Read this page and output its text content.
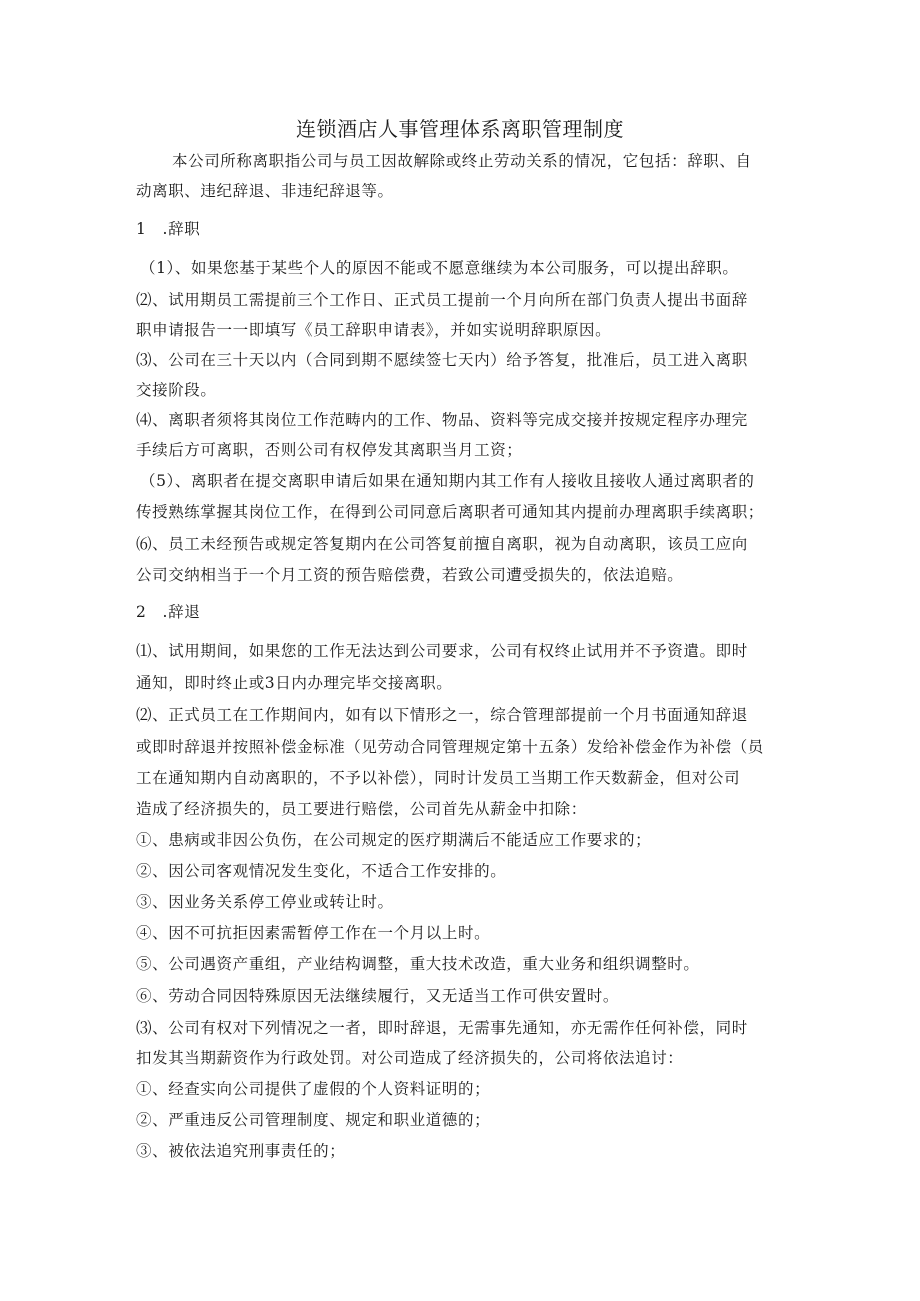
连锁酒店人事管理体系离职管理制度
本公司所称离职指公司与员工因故解除或终止劳动关系的情况，它包括：辞职、自
动离职、违纪辞退、非违纪辞退等。
1　.辞职
（1）、如果您基于某些个人的原因不能或不愿意继续为本公司服务，可以提出辞职。
⑵、试用期员工需提前三个工作日、正式员工提前一个月向所在部门负责人提出书面辞
职申请报告一一即填写《员工辞职申请表》，并如实说明辞职原因。
⑶、公司在三十天以内（合同到期不愿续签七天内）给予答复，批准后，员工进入离职
交接阶段。
⑷、离职者须将其岗位工作范畴内的工作、物品、资料等完成交接并按规定程序办理完
手续后方可离职，否则公司有权停发其离职当月工资；
（5）、离职者在提交离职申请后如果在通知期内其工作有人接收且接收人通过离职者的
传授熟练掌握其岗位工作，在得到公司同意后离职者可通知其内提前办理离职手续离职；
⑹、员工未经预告或规定答复期内在公司答复前擅自离职，视为自动离职，该员工应向
公司交纳相当于一个月工资的预告赔偿费，若致公司遭受损失的，依法追赔。
2　.辞退
⑴、试用期间，如果您的工作无法达到公司要求，公司有权终止试用并不予资遣。即时
通知，即时终止或3日内办理完毕交接离职。
⑵、正式员工在工作期间内，如有以下情形之一，综合管理部提前一个月书面通知辞退
或即时辞退并按照补偿金标准（见劳动合同管理规定第十五条）发给补偿金作为补偿（员
工在通知期内自动离职的，不予以补偿），同时计发员工当期工作天数薪金，但对公司
造成了经济损失的，员工要进行赔偿，公司首先从薪金中扣除：
①、患病或非因公负伤，在公司规定的医疗期满后不能适应工作要求的；
②、因公司客观情况发生变化，不适合工作安排的。
③、因业务关系停工停业或转让时。
④、因不可抗拒因素需暂停工作在一个月以上时。
⑤、公司遇资产重组，产业结构调整，重大技术改造，重大业务和组织调整时。
⑥、劳动合同因特殊原因无法继续履行，又无适当工作可供安置时。
⑶、公司有权对下列情况之一者，即时辞退，无需事先通知，亦无需作任何补偿，同时
扣发其当期薪资作为行政处罚。对公司造成了经济损失的，公司将依法追讨：
①、经查实向公司提供了虚假的个人资料证明的；
②、严重违反公司管理制度、规定和职业道德的；
③、被依法追究刑事责任的；
